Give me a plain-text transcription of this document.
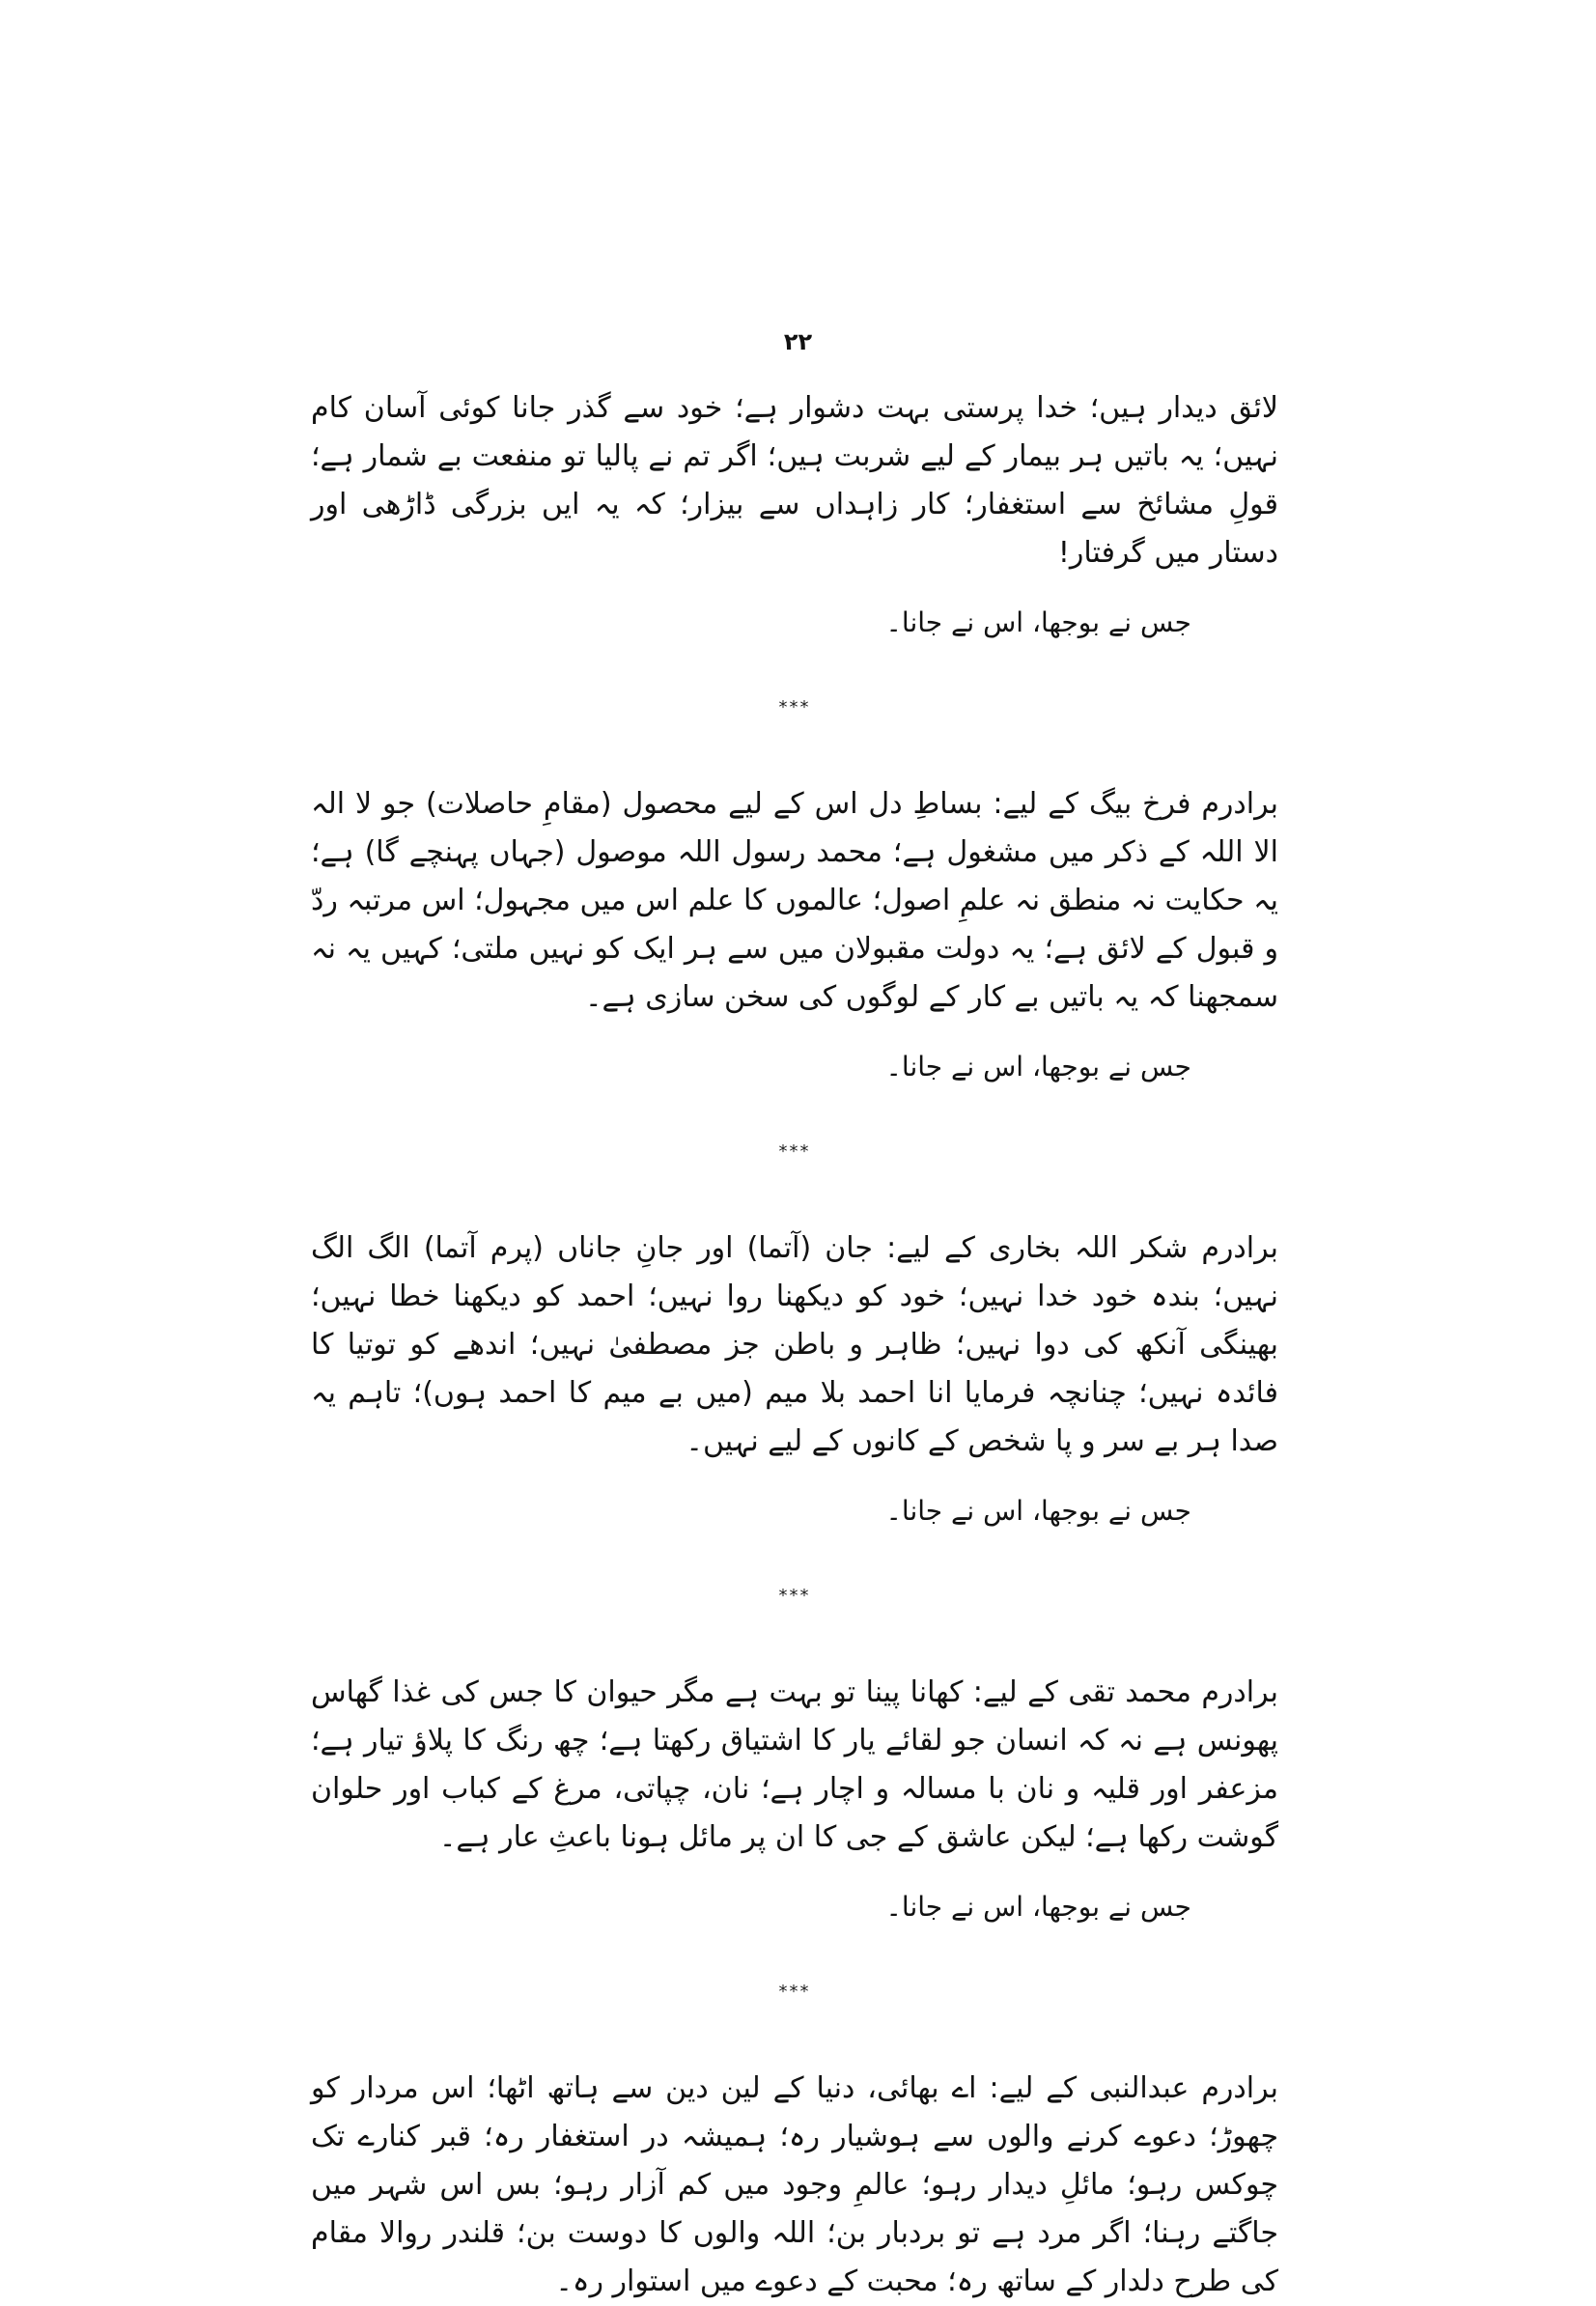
۲۲

لائق دیدار ہیں؛ خدا پرستی بہت دشوار ہے؛ خود سے گذر جانا کوئی آسان کام نہیں؛ یہ باتیں ہر بیمار کے لیے شربت ہیں؛ اگر تم نے پالیا تو منفعت بے شمار ہے؛ قولِ مشائخ سے استغفار؛ کار زاہداں سے بیزار؛ کہ یہ ایں بزرگی ڈاڑھی اور دستار میں گرفتار!

جس نے بوجھا، اس نے جانا۔

***

برادرم فرخ بیگ کے لیے: بساطِ دل اس کے لیے محصول (مقامِ حاصلات) جو لا الہ الا اللہ کے ذکر میں مشغول ہے؛ محمد رسول اللہ موصول (جہاں پہنچے گا) ہے؛ یہ حکایت نہ منطق نہ علمِ اصول؛ عالموں کا علم اس میں مجہول؛ اس مرتبہ ردّ و قبول کے لائق ہے؛ یہ دولت مقبولان میں سے ہر ایک کو نہیں ملتی؛ کہیں یہ نہ سمجھنا کہ یہ باتیں بے کار کے لوگوں کی سخن سازی ہے۔

جس نے بوجھا، اس نے جانا۔

***

برادرم شکر اللہ بخاری کے لیے: جان (آتما) اور جانِ جاناں (پرم آتما) الگ الگ نہیں؛ بندہ خود خدا نہیں؛ خود کو دیکھنا روا نہیں؛ احمد کو دیکھنا خطا نہیں؛ بھینگی آنکھ کی دوا نہیں؛ ظاہر و باطن جز مصطفیٰ نہیں؛ اندھے کو توتیا کا فائدہ نہیں؛ چنانچہ فرمایا انا احمد بلا میم (میں بے میم کا احمد ہوں)؛ تاہم یہ صدا ہر بے سر و پا شخص کے کانوں کے لیے نہیں۔

جس نے بوجھا، اس نے جانا۔

***

برادرم محمد تقی کے لیے: کھانا پینا تو بہت ہے مگر حیوان کا جس کی غذا گھاس پھونس ہے نہ کہ انسان جو لقائے یار کا اشتیاق رکھتا ہے؛ چھ رنگ کا پلاؤ تیار ہے؛ مزعفر اور قلیہ و نان با مسالہ و اچار ہے؛ نان، چپاتی، مرغ کے کباب اور حلوان گوشت رکھا ہے؛ لیکن عاشق کے جی کا ان پر مائل ہونا باعثِ عار ہے۔

جس نے بوجھا، اس نے جانا۔

***

برادرم عبدالنبی کے لیے: اے بھائی، دنیا کے لین دین سے ہاتھ اٹھا؛ اس مردار کو چھوڑ؛ دعوے کرنے والوں سے ہوشیار رہ؛ ہمیشہ در استغفار رہ؛ قبر کنارے تک چوکس رہو؛ مائلِ دیدار رہو؛ عالمِ وجود میں کم آزار رہو؛ بس اس شہر میں جاگتے رہنا؛ اگر مرد ہے تو بردبار بن؛ اللہ والوں کا دوست بن؛ قلندر روالا مقام کی طرح دلدار کے ساتھ رہ؛ محبت کے دعوے میں استوار رہ۔
